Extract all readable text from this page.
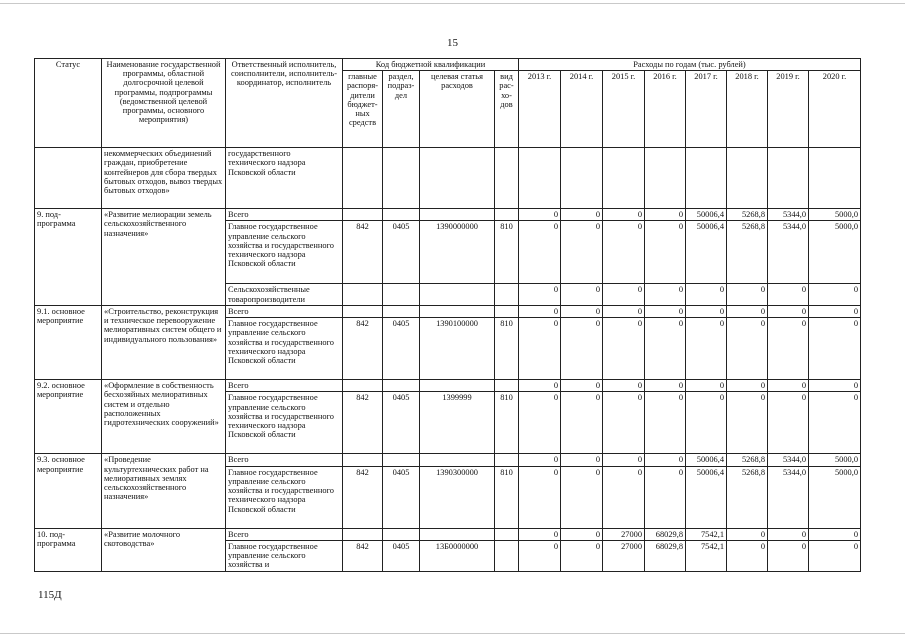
15
Статус	Наименование государственной программы, областной долгосрочной целевой программы, подпрограммы (ведомственной целевой программы, основного мероприятия)	Ответственный исполнитель, соисполнители, исполнитель-координатор, исполнитель	Код бюджетной квалификации				Расходы по годам (тыс. рублей)							
			главные распоря-дители бюджет-ных средств	раздел, подраз-дел	целевая статья расходов	вид рас-хо-дов	2013 г.	2014 г.	2015 г.	2016 г.	2017 г.	2018 г.	2019 г.	2020 г.
	некоммерческих объединений граждан, приобретение контейнеров для сбора твердых бытовых отходов, вывоз твердых бытовых отходов»	государственного технического надзора Псковской области												
9. под-программа	«Развитие мелиорации земель сельскохозяйственного назначения»	Всего					0	0	0	0	50006,4	5268,8	5344,0	5000,0
		Главное государственное управление сельского хозяйства и государственного технического надзора Псковской области	842	0405	1390000000	810	0	0	0	0	50006,4	5268,8	5344,0	5000,0
		Сельскохозяйственные товаропроизводители					0	0	0	0	0	0	0	0
9.1. основное мероприятие	«Строительство, реконструкция и техническое перевооружение мелиоративных систем общего и индивидуального пользования»	Всего					0	0	0	0	0	0	0	0
		Главное государственное управление сельского хозяйства и государственного технического надзора Псковской области	842	0405	1390100000	810	0	0	0	0	0	0	0	0
9.2. основное мероприятие	«Оформление в собственность бесхозяйных мелиоративных систем и отдельно расположенных гидротехнических сооружений»	Всего					0	0	0	0	0	0	0	0
		Главное государственное управление сельского хозяйства и государственного технического надзора Псковской области	842	0405	1399999	810	0	0	0	0	0	0	0	0
9.3. основное мероприятие	«Проведение культуртехнических работ на мелиоративных землях сельскохозяйственного назначения»	Всего					0	0	0	0	50006,4	5268,8	5344,0	5000,0
		Главное государственное управление сельского хозяйства и государственного технического надзора Псковской области	842	0405	1390300000	810	0	0	0	0	50006,4	5268,8	5344,0	5000,0
10. под-программа	«Развитие молочного скотоводства»	Всего					0	0	27000	68029,8	7542,1	0	0	0
		Главное государственное управление сельского хозяйства и	842	0405	13Б0000000		0	0	27000	68029,8	7542,1	0	0	0
115Д
